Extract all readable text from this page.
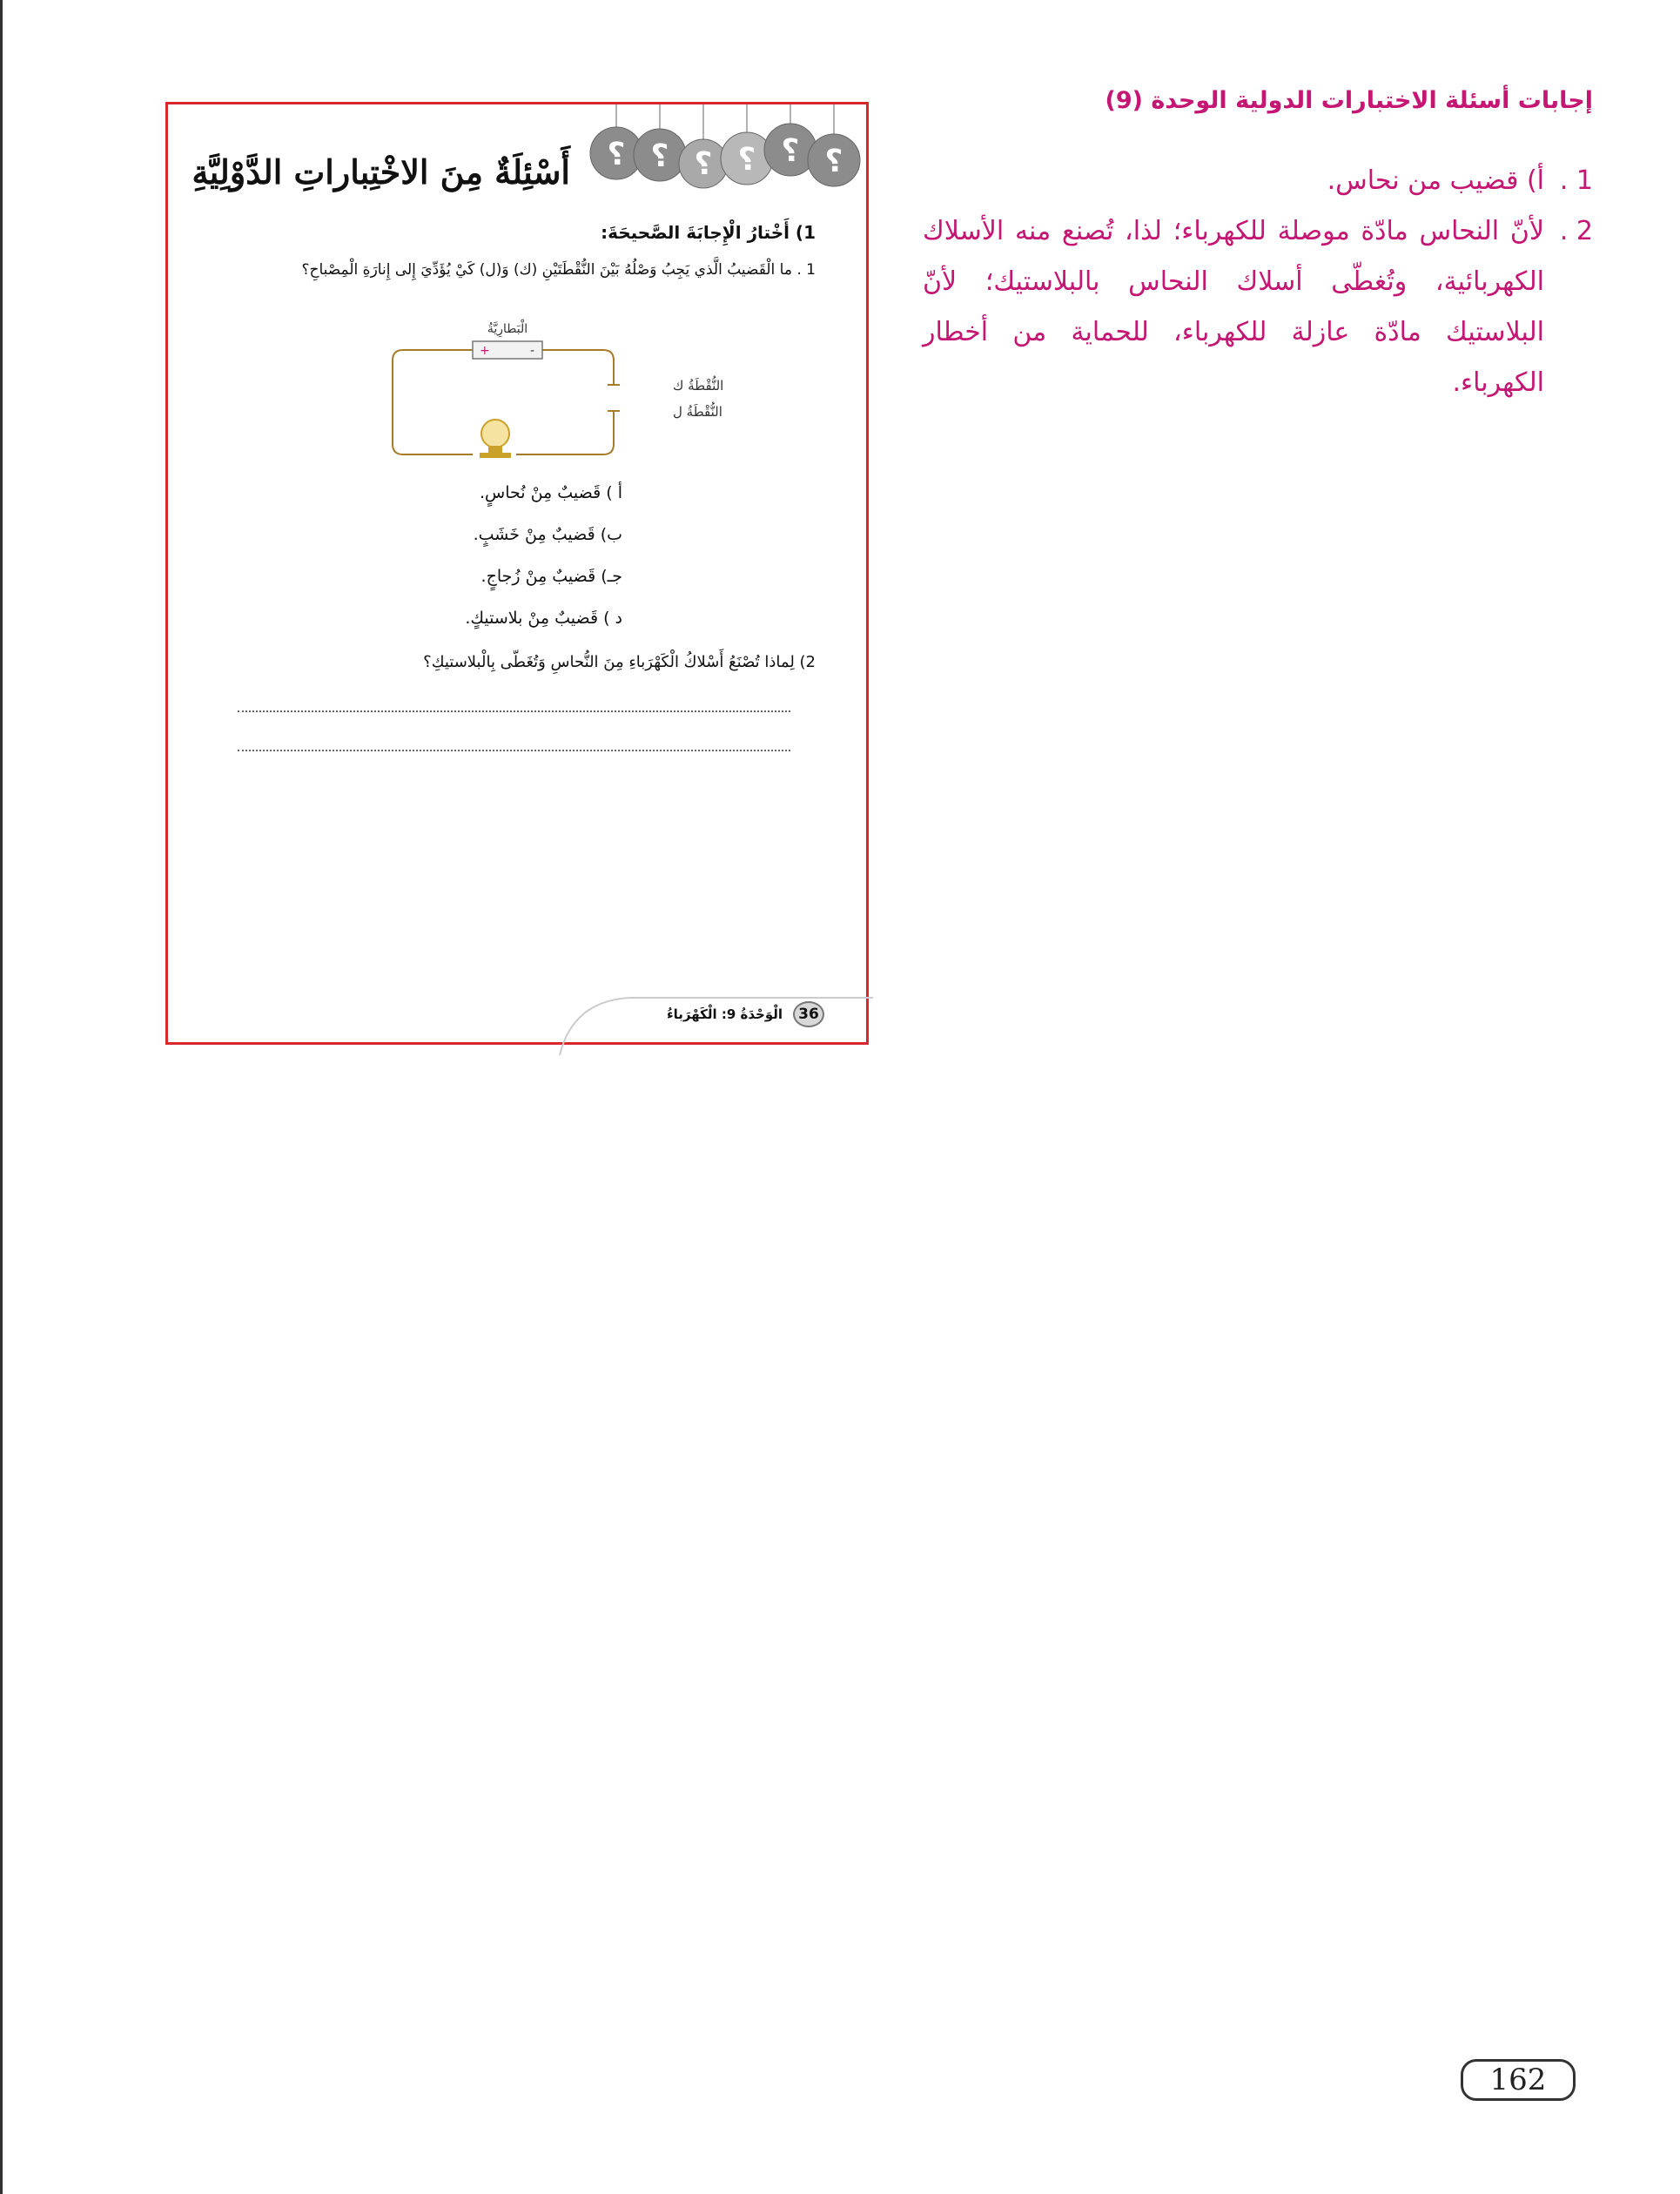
إجابات أسئلة الاختبارات الدولية الوحدة (9)
1 .
أ) قضيب من نحاس.
2 .
لأنّ النحاس مادّة موصلة للكهرباء؛ لذا، تُصنع منه الأسلاك الكهربائية، وتُغطّى أسلاك النحاس بالبلاستيك؛ لأنّ البلاستيك مادّة عازلة للكهرباء، للحماية من أخطار الكهرباء.
؟ ؟ ؟ ؟ ؟ ؟
أَسْئِلَةٌ مِنَ الاخْتِباراتِ الدَّوْلِيَّةِ
1) أَخْتارُ الْإِجابَةَ الصَّحيحَةَ:
1 . ما الْقَضيبُ الَّذي يَجِبُ وَصْلُهُ بَيْنَ النُّقْطَتَيْنِ (ك) وَ(ل) كَيْ يُؤَدِّيَ إِلى إِنارَةِ الْمِصْباحِ؟
+	-
الْبَطارِيَّةُ
النُّقْطَةُ ك
النُّقْطَةُ ل
أ ) قَضيبٌ مِنْ نُحاسٍ.
ب) قَضيبٌ مِنْ خَشَبٍ.
جـ) قَضيبٌ مِنْ زُجاجٍ.
د ) قَضيبٌ مِنْ بلاستيكٍ.
2) لِماذا تُصْنَعُ أَسْلاكُ الْكَهْرَباءِ مِنَ النُّحاسِ وَتُغَطّى بِالْبلاستيكِ؟
36
الْوَحْدَةُ 9: الْكَهْرَباءُ
162
